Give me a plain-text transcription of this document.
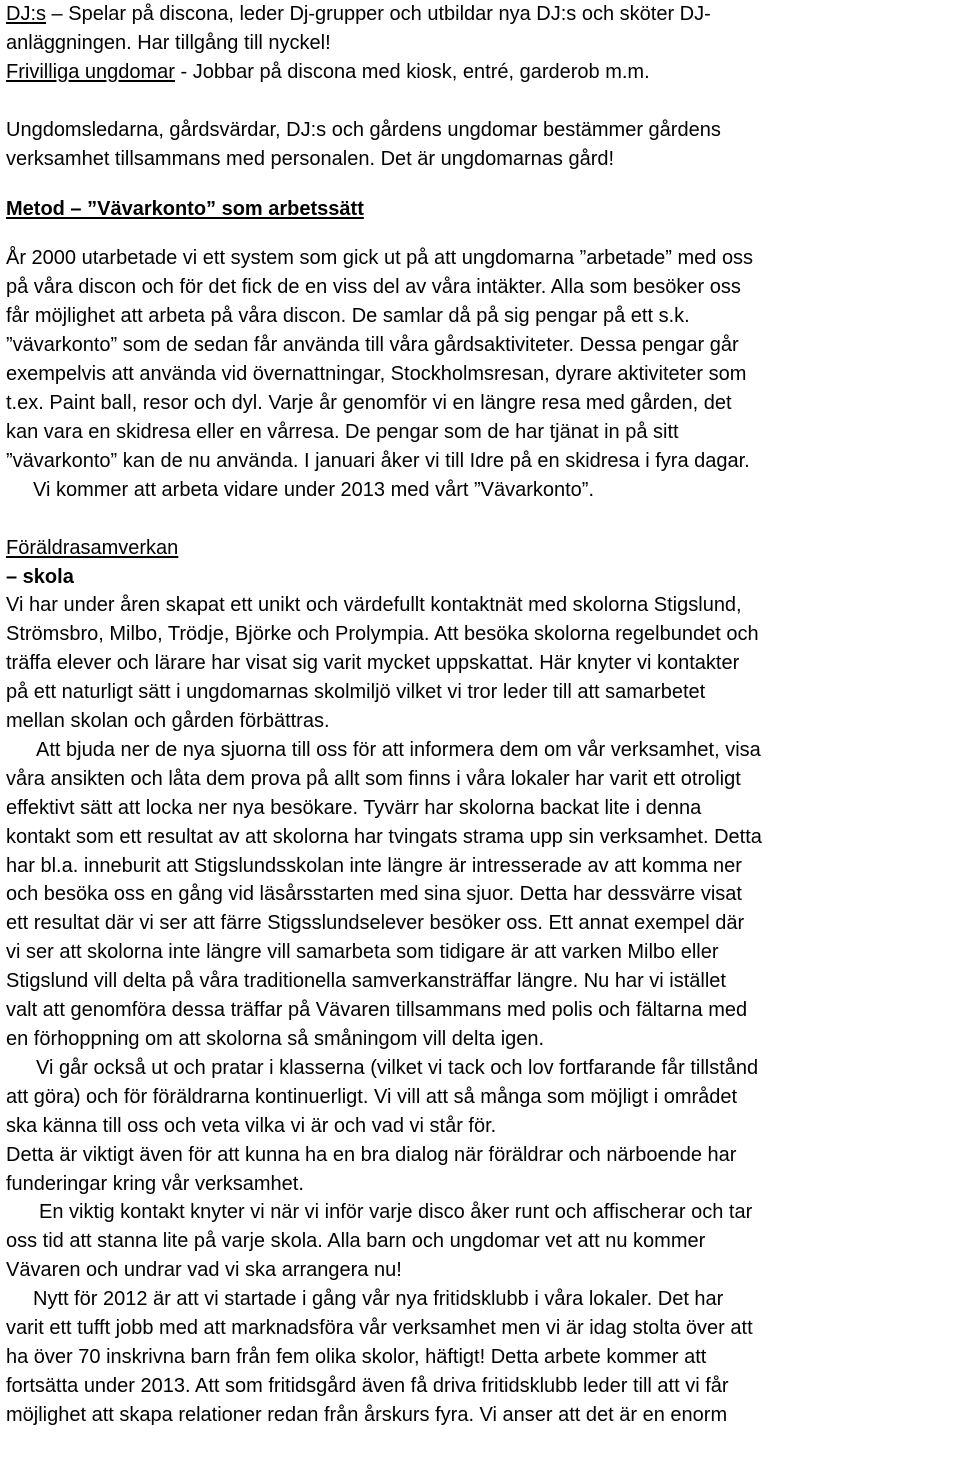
DJ:s – Spelar på discona, leder Dj-grupper och utbildar nya DJ:s och sköter DJ-

anläggningen. Har tillgång till nyckel!

Frivilliga ungdomar - Jobbar på discona med kiosk, entré, garderob m.m.

Ungdomsledarna, gårdsvärdar, DJ:s och gårdens ungdomar bestämmer gårdens

verksamhet tillsammans med personalen. Det är ungdomarnas gård!

Metod – ”Vävarkonto” som arbetssätt

År 2000 utarbetade vi ett system som gick ut på att ungdomarna ”arbetade” med oss

på våra discon och för det fick de en viss del av våra intäkter. Alla som besöker oss

får möjlighet att arbeta på våra discon. De samlar då på sig pengar på ett s.k.

”vävarkonto” som de sedan får använda till våra gårdsaktiviteter. Dessa pengar går

exempelvis att använda vid övernattningar, Stockholmsresan, dyrare aktiviteter som

t.ex. Paint ball, resor och dyl. Varje år genomför vi en längre resa med gården, det

kan vara en skidresa eller en vårresa. De pengar som de har tjänat in på sitt

”vävarkonto” kan de nu använda. I januari åker vi till Idre på en skidresa i fyra dagar.

Vi kommer att arbeta vidare under 2013 med vårt ”Vävarkonto”.

Föräldrasamverkan

– skola

Vi har under åren skapat ett unikt och värdefullt kontaktnät med skolorna Stigslund,

Strömsbro, Milbo, Trödje, Björke och Prolympia. Att besöka skolorna regelbundet och

träffa elever och lärare har visat sig varit mycket uppskattat. Här knyter vi kontakter

på ett naturligt sätt i ungdomarnas skolmiljö vilket vi tror leder till att samarbetet

mellan skolan och gården förbättras.

Att bjuda ner de nya sjuorna till oss för att informera dem om vår verksamhet, visa

våra ansikten och låta dem prova på allt som finns i våra lokaler har varit ett otroligt

effektivt sätt att locka ner nya besökare. Tyvärr har skolorna backat lite i denna

kontakt som ett resultat av att skolorna har tvingats strama upp sin verksamhet. Detta

har bl.a. inneburit att Stigslundsskolan inte längre är intresserade av att komma ner

och besöka oss en gång vid läsårsstarten med sina sjuor. Detta har dessvärre visat

ett resultat där vi ser att färre Stigsslundselever besöker oss. Ett annat exempel där

vi ser att skolorna inte längre vill samarbeta som tidigare är att varken Milbo eller

Stigslund vill delta på våra traditionella samverkansträffar längre. Nu har vi istället

valt att genomföra dessa träffar på Vävaren tillsammans med polis och fältarna med

en förhoppning om att skolorna så småningom vill delta igen.

Vi går också ut och pratar i klasserna (vilket vi tack och lov fortfarande får tillstånd

att göra) och för föräldrarna kontinuerligt. Vi vill att så många som möjligt i området

ska känna till oss och veta vilka vi är och vad vi står för.

Detta är viktigt även för att kunna ha en bra dialog när föräldrar och närboende har

funderingar kring vår verksamhet.

En viktig kontakt knyter vi när vi inför varje disco åker runt och affischerar och tar

oss tid att stanna lite på varje skola. Alla barn och ungdomar vet att nu kommer

Vävaren och undrar vad vi ska arrangera nu!

Nytt för 2012 är att vi startade i gång vår nya fritidsklubb i våra lokaler. Det har

varit ett tufft jobb med att marknadsföra vår verksamhet men vi är idag stolta över att

ha över 70 inskrivna barn från fem olika skolor, häftigt! Detta arbete kommer att

fortsätta under 2013. Att som fritidsgård även få driva fritidsklubb leder till att vi får

möjlighet att skapa relationer redan från årskurs fyra. Vi anser att det är en enorm
